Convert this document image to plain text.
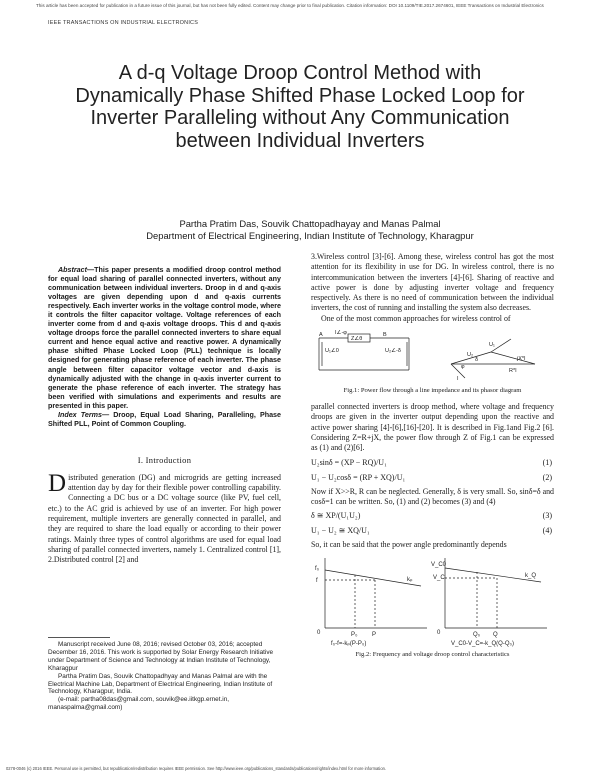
This article has been accepted for publication in a future issue of this journal, but has not been fully edited. Content may change prior to final publication. Citation information: DOI 10.1109/TIE.2017.2674601, IEEE Transactions on Industrial Electronics
IEEE TRANSACTIONS ON INDUSTRIAL ELECTRONICS
A d-q Voltage Droop Control Method with Dynamically Phase Shifted Phase Locked Loop for Inverter Paralleling without Any Communication between Individual Inverters
Partha Pratim Das, Souvik Chattopadhayay and Manas Palmal
Department of Electrical Engineering, Indian Institute of Technology, Kharagpur

Abstract—This paper presents a modified droop control method for equal load sharing of parallel connected inverters, without any communication between individual inverters. Droop in d and q-axis voltages are given depending upon d and q-axis currents respectively. Each inverter works in the voltage control mode, where it controls the filter capacitor voltage. Voltage references of each inverter come from d and q-axis voltage droops. This d and q-axis voltage droops force the parallel connected inverters to share equal current and hence equal active and reactive power. A dynamically phase shifted Phase Locked Loop (PLL) technique is locally designed for generating phase reference of each inverter. The phase angle between filter capacitor voltage vector and d-axis is dynamically adjusted with the change in q-axis inverter current to generate the phase reference of each inverter. The strategy has been verified with simulations and experiments and results are presented in this paper.

Index Terms— Droop, Equal Load Sharing, Paralleling, Phase Shifted PLL, Point of Common Coupling.

I. Introduction

Distributed generation (DG) and microgrids are getting increased attention day by day for their flexible power controlling capability. Connecting a DC bus or a DC voltage source (like PV, fuel cell, etc.) to the AC grid is achieved by use of an inverter. For high power requirement, multiple inverters are generally connected in parallel, and they are required to share the load equally or according to their power ratings. Mainly three types of control algorithms are used for equal load sharing of parallel connected inverters, namely 1. Centralized control [1], 2.Distributed control [2] and

Manuscript received June 08, 2016; revised October 03, 2016; accepted December 16, 2016. This work is supported by Solar Energy Research Initiative under Department of Science and Technology at Indian Institute of Technology, Kharagpur

Partha Pratim Das, Souvik Chattopadhyay and Manas Palmal are with the Electrical Machine Lab, Department of Electrical Engineering, Indian Institute of Technology, Kharagpur, India.

(e-mail: partha08das@gmail.com, souvik@ee.iitkgp.ernet.in, manaspalma@gmail.com)

3.Wireless control [3]-[6]. Among these, wireless control has got the most attention for its flexibility in use for DG. In wireless control, there is no intercommunication between the inverters [4]-[6]. Sharing of reactive and active power is done by adjusting inverter voltage and frequency respectively. As there is no need of communication between the individual inverters, the cost of running and installing the system also decreases.

One of the most common approaches for wireless control of

I∠-φ
Z∠θ
A	B
U₁∠0	U₂∠-δ
U₁
U₂
δ
φ
jX*I
R*I
I
Fig.1: Power flow through a line impedance and its phasor diagram

parallel connected inverters is droop method, where voltage and frequency droops are given in the inverter output depending upon the reactive and active power sharing [4]-[6],[16]-[20]. It is described in Fig.1and Fig.2 [6]. Considering Z=R+jX, the power flow through Z of Fig.1 can be expressed as (1) and (2)[6].

U₂sinδ = (XP − RQ)/U₁	(1)
U₁ − U₂cosδ = (RP + XQ)/U₁	(2)

Now if X>>R, R can be neglected. Generally, δ is very small. So, sinδ=δ and cosδ=1 can be written. So, (1) and (2) becomes (3) and (4)

δ ≅ XP/(U₁U₂)	(3)
U₁ − U₂ ≅ XQ/U₁	(4)

So, it can be said that the power angle predominantly depends

f₀
f	kₚ
0	P₀ P
f₀-f=-kₚ(P-P₀)
V_C0
V_C	k_Q
0	Q₀ Q
V_C0-V_C=-k_Q(Q-Q₀)
Fig.2: Frequency and voltage droop control characteristics
0278-0046 (c) 2016 IEEE. Personal use is permitted, but republication/redistribution requires IEEE permission. See http://www.ieee.org/publications_standards/publications/rights/index.html for more information.
